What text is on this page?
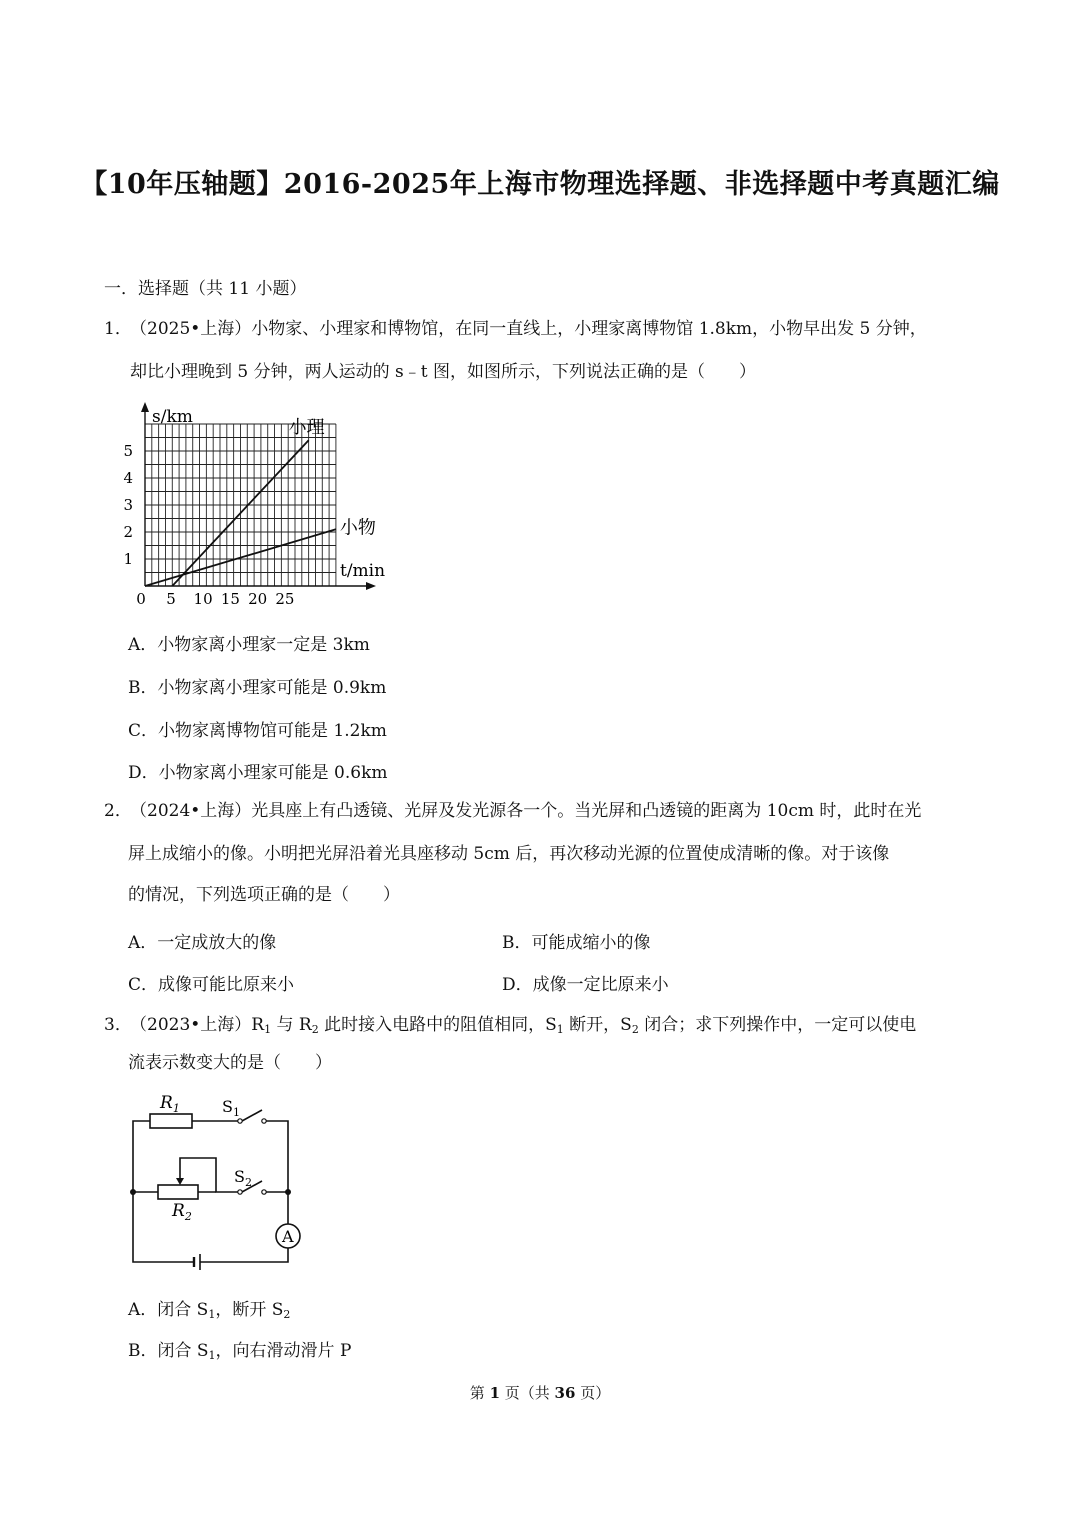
【10年压轴题】2016-2025年上海市物理选择题、非选择题中考真题汇编
一．选择题（共 11 小题）
1．
（2025•上海）小物家、小理家和博物馆，在同一直线上，小理家离博物馆 1.8km，小物早出发 5 分钟，
却比小理晚到 5 分钟，两人运动的 s﹣t 图，如图所示，下列说法正确的是（　　）
s/km
t/min
0 5 10 15 20 25
1
2
3
4
5
小理
小物
A．小物家离小理家一定是 3km
B．小物家离小理家可能是 0.9km
C．小物家离博物馆可能是 1.2km
D．小物家离小理家可能是 0.6km
2．
（2024•上海）光具座上有凸透镜、光屏及发光源各一个。当光屏和凸透镜的距离为 10cm 时，此时在光
屏上成缩小的像。小明把光屏沿着光具座移动 5cm 后，再次移动光源的位置使成清晰的像。对于该像
的情况，下列选项正确的是（　　）
A．一定成放大的像	B．可能成缩小的像
C．成像可能比原来小	D．成像一定比原来小
3．
（2023•上海）$R_1$ 与 $R_2$ 此时接入电路中的阻值相同，$S_1$ 断开，$S_2$ 闭合；求下列操作中，一定可以使电
流表示数变大的是（　　）
$R_1$	$S_1$
$S_2$
$R_2$
A
A．闭合 $S_1$，断开 $S_2$
B．闭合 $S_1$，向右滑动滑片 P
第 1 页（共 36 页）
